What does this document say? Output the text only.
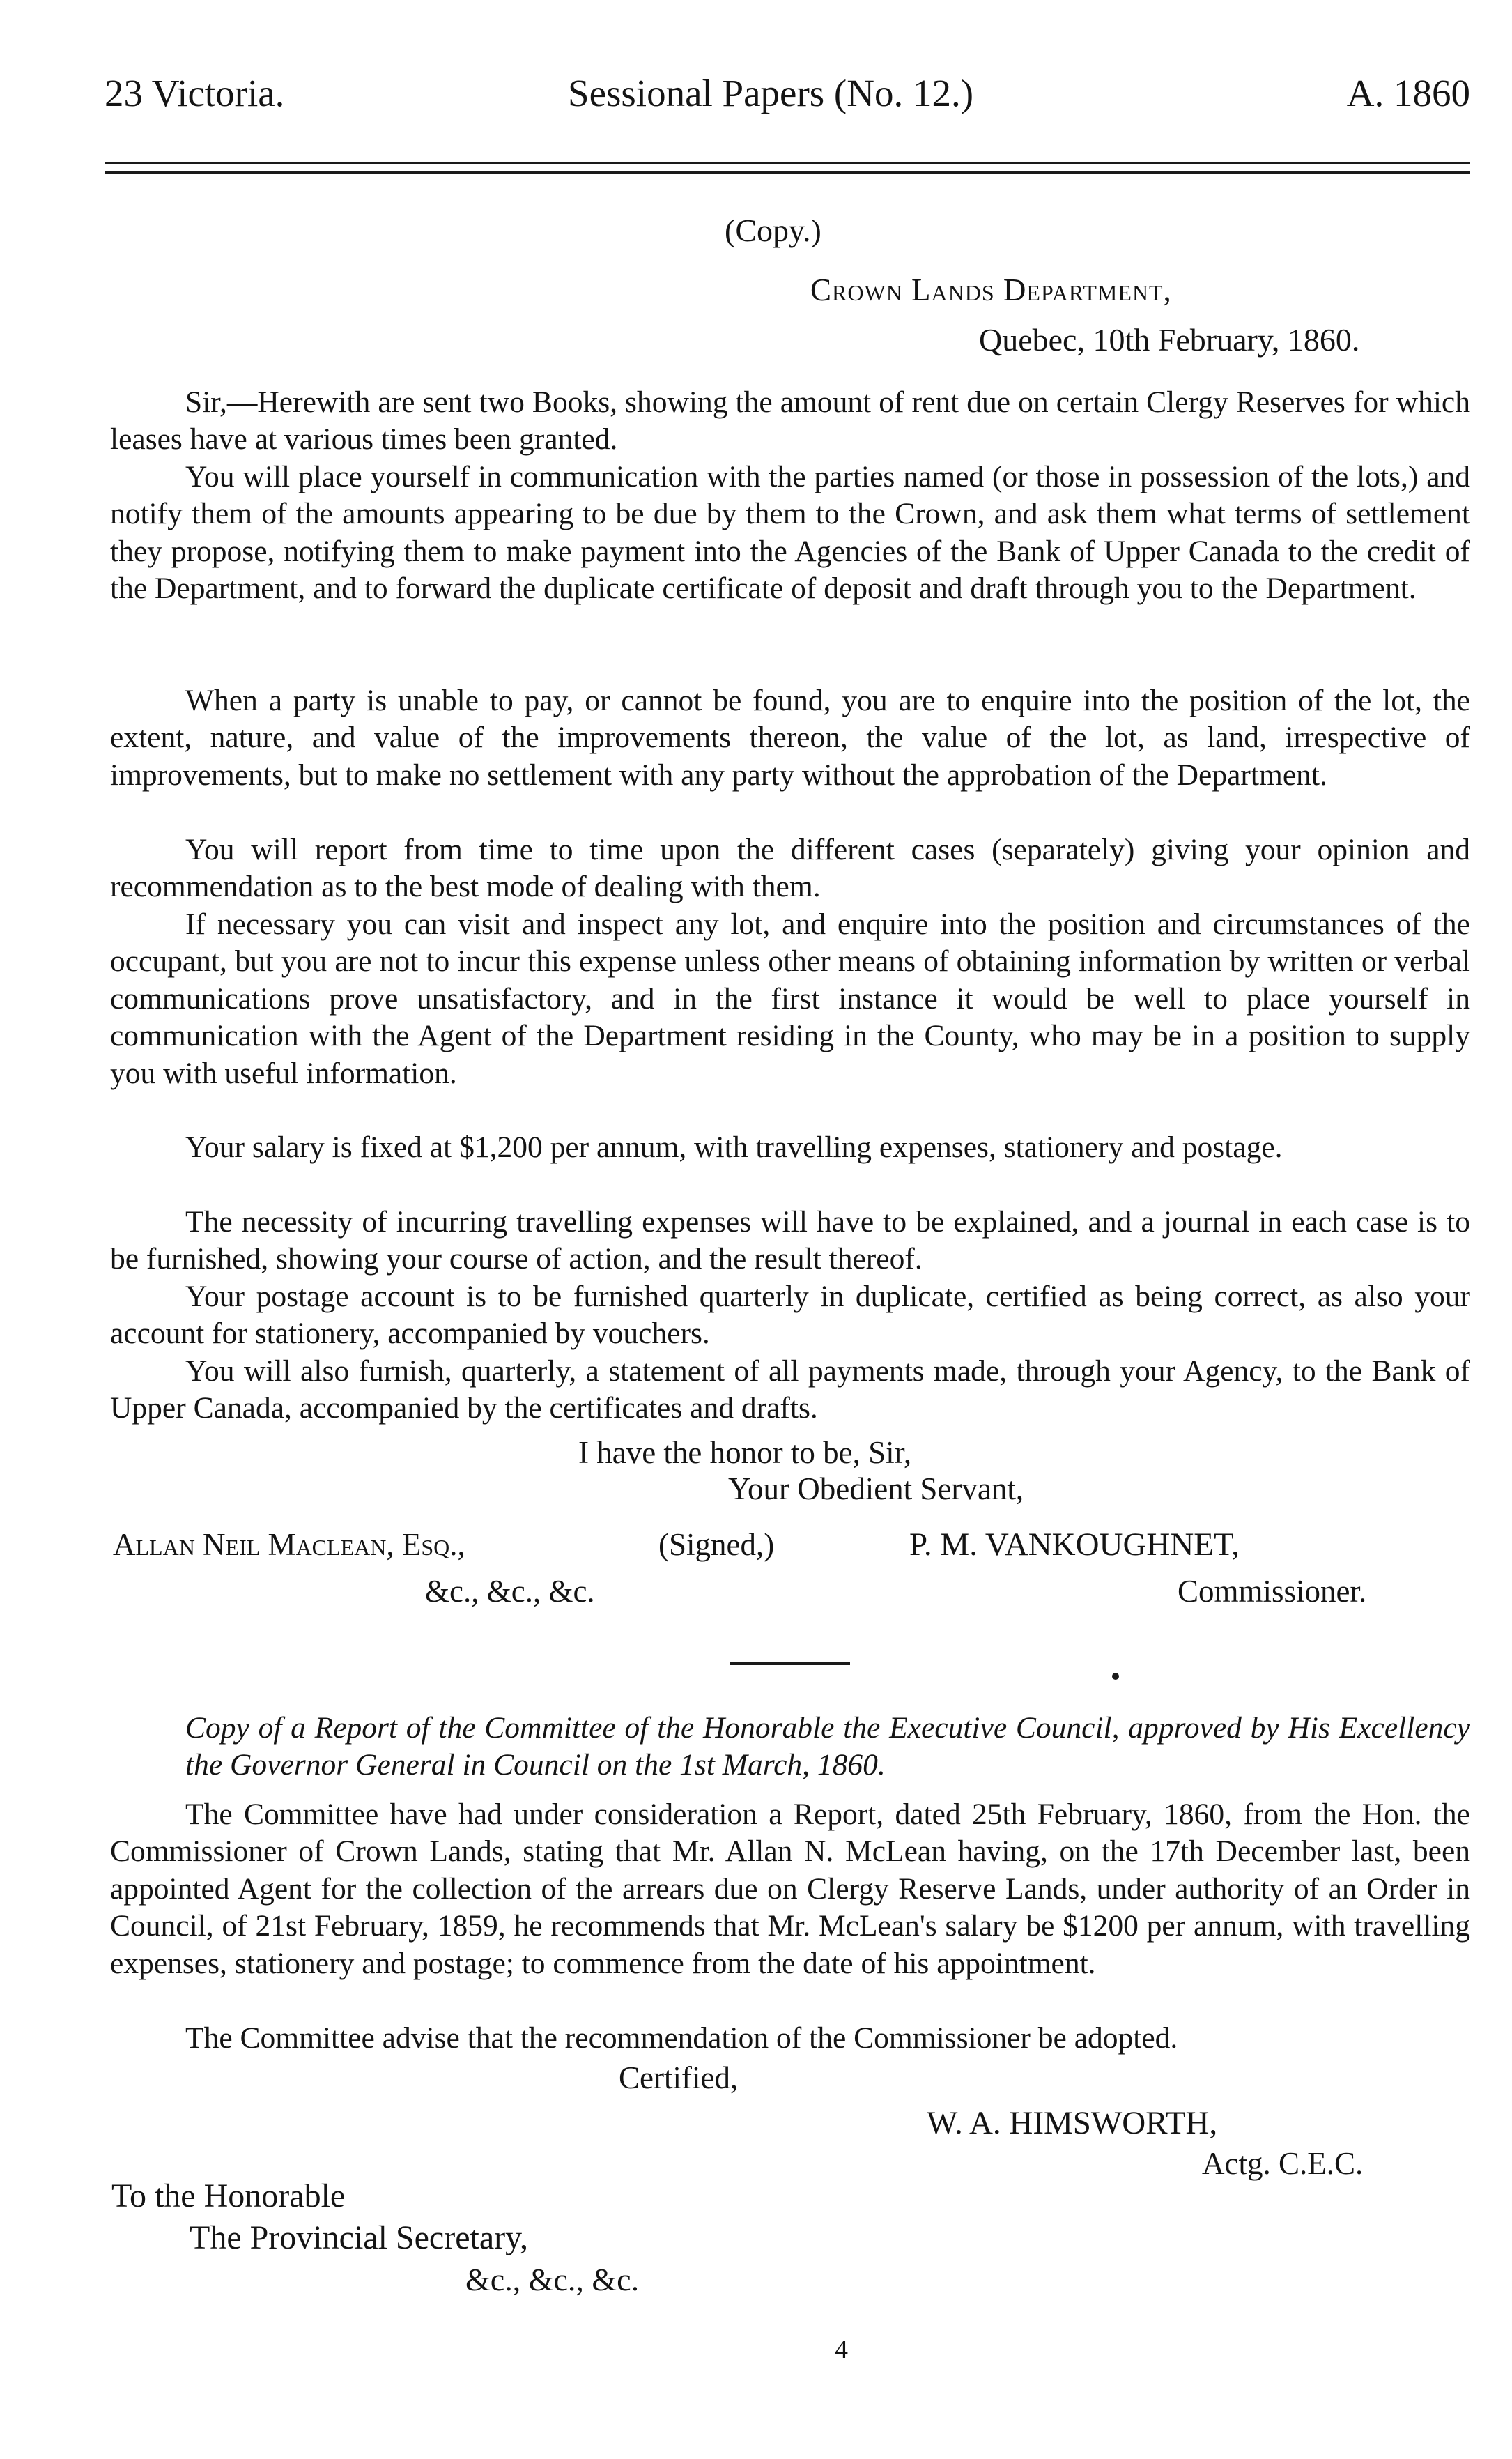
23 Victoria.	Sessional Papers (No. 12.)	A. 1860
(Copy.)
Crown Lands Department,
Quebec, 10th February, 1860.

Sir,—Herewith are sent two Books, showing the amount of rent due on certain Clergy Reserves for which leases have at various times been granted.

You will place yourself in communication with the parties named (or those in possession of the lots,) and notify them of the amounts appearing to be due by them to the Crown, and ask them what terms of settlement they propose, notifying them to make payment into the Agencies of the Bank of Upper Canada to the credit of the Department, and to forward the duplicate certificate of deposit and draft through you to the Department.

When a party is unable to pay, or cannot be found, you are to enquire into the position of the lot, the extent, nature, and value of the improvements thereon, the value of the lot, as land, irrespective of improvements, but to make no settlement with any party without the approbation of the Department.

You will report from time to time upon the different cases (separately) giving your opinion and recommendation as to the best mode of dealing with them.

If necessary you can visit and inspect any lot, and enquire into the position and circumstances of the occupant, but you are not to incur this expense unless other means of obtaining information by written or verbal communications prove unsatisfactory, and in the first instance it would be well to place yourself in communication with the Agent of the Department residing in the County, who may be in a position to supply you with useful information.

Your salary is fixed at $1,200 per annum, with travelling expenses, stationery and postage.

The necessity of incurring travelling expenses will have to be explained, and a journal in each case is to be furnished, showing your course of action, and the result thereof.

Your postage account is to be furnished quarterly in duplicate, certified as being correct, as also your account for stationery, accompanied by vouchers.

You will also furnish, quarterly, a statement of all payments made, through your Agency, to the Bank of Upper Canada, accompanied by the certificates and drafts.

I have the honor to be, Sir,
Your Obedient Servant,
Allan Neil Maclean, Esq.,	(Signed,)	P. M. VANKOUGHNET,
&c., &c., &c.	Commissioner.

Copy of a Report of the Committee of the Honorable the Executive Council, approved by His Excellency the Governor General in Council on the 1st March, 1860.

The Committee have had under consideration a Report, dated 25th February, 1860, from the Hon. the Commissioner of Crown Lands, stating that Mr. Allan N. McLean having, on the 17th December last, been appointed Agent for the collection of the arrears due on Clergy Reserve Lands, under authority of an Order in Council, of 21st February, 1859, he recommends that Mr. McLean's salary be $1200 per annum, with travelling expenses, stationery and postage; to commence from the date of his appointment.

The Committee advise that the recommendation of the Commissioner be adopted.

Certified,
W. A. HIMSWORTH,
Actg. C.E.C.
To the Honorable
The Provincial Secretary,
&c., &c., &c.
4
